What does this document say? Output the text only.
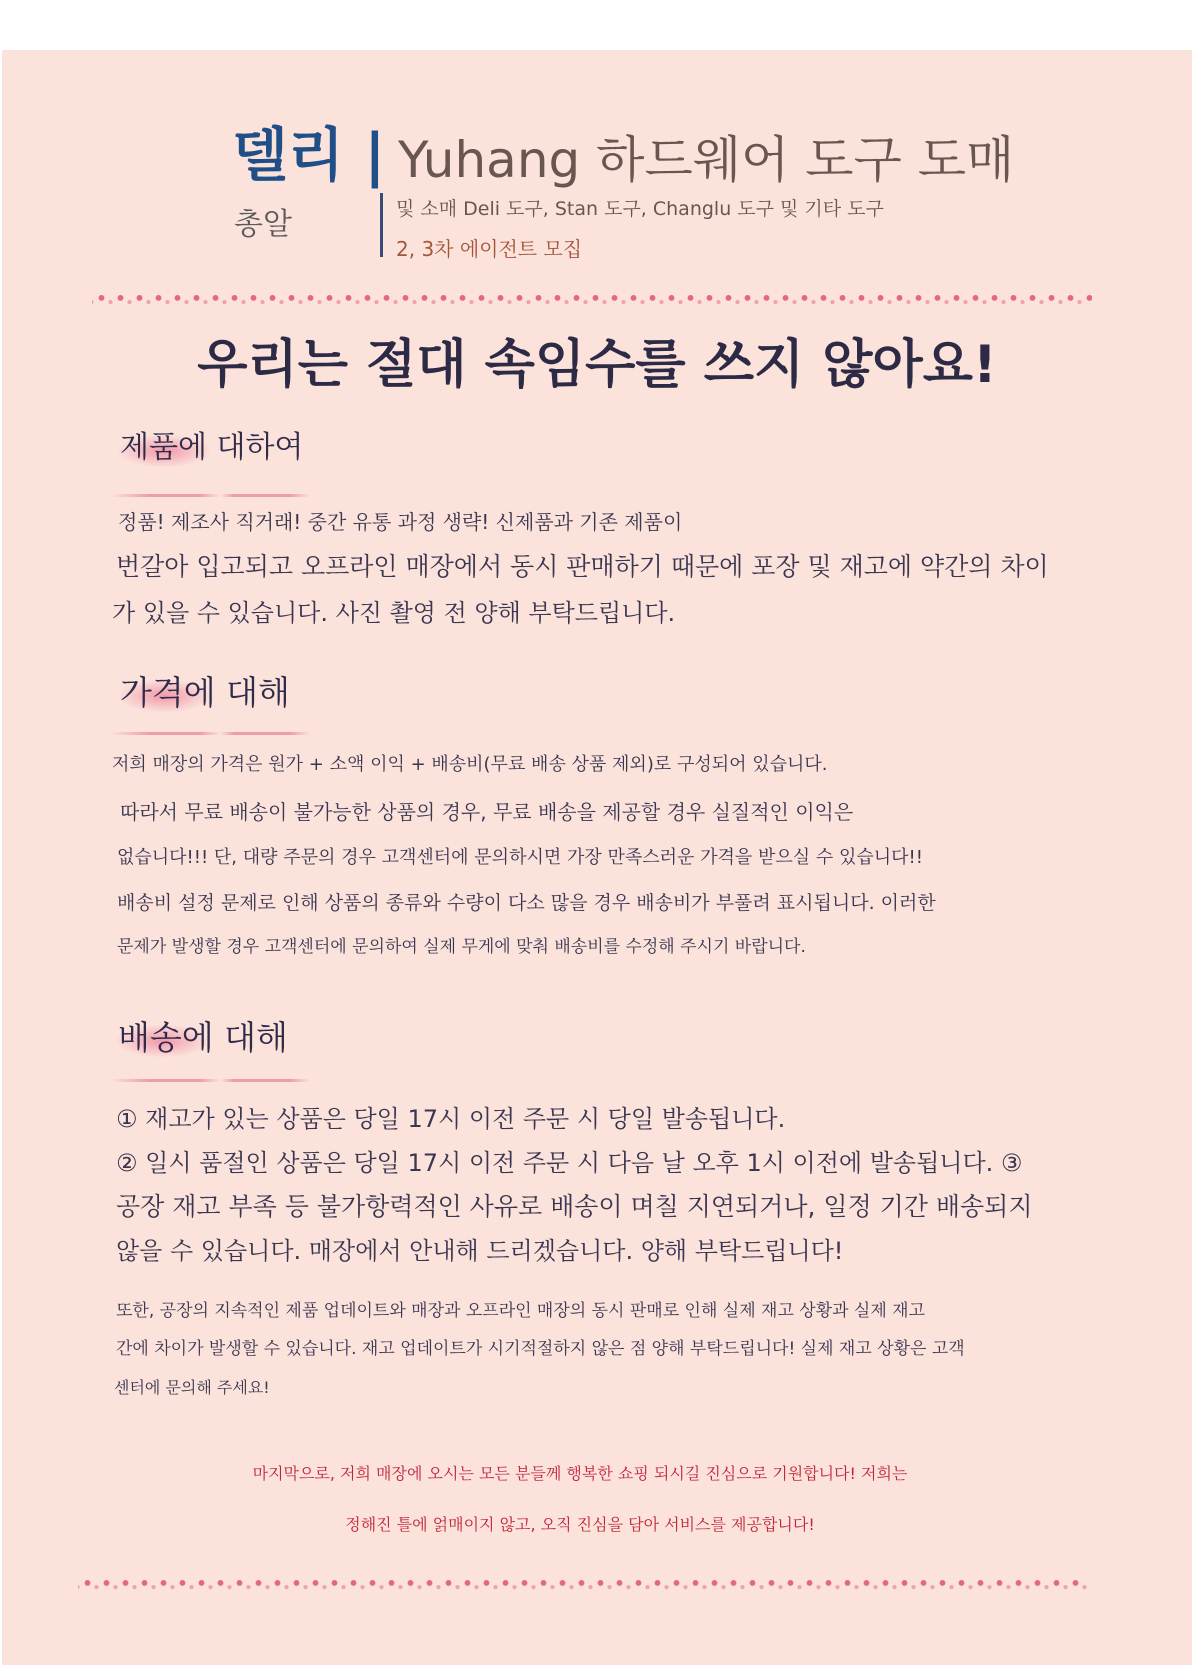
델리 |
총알
Yuhang 하드웨어 도구 도매
및 소매 Deli 도구, Stan 도구, Changlu 도구 및 기타 도구
2, 3차 에이전트 모집
우리는 절대 속임수를 쓰지 않아요!
제품에 대하여

정품! 제조사 직거래! 중간 유통 과정 생략! 신제품과 기존 제품이

번갈아 입고되고 오프라인 매장에서 동시 판매하기 때문에 포장 및 재고에 약간의 차이

가 있을 수 있습니다. 사진 촬영 전 양해 부탁드립니다.

가격에 대해

저희 매장의 가격은 원가 + 소액 이익 + 배송비(무료 배송 상품 제외)로 구성되어 있습니다.

따라서 무료 배송이 불가능한 상품의 경우, 무료 배송을 제공할 경우 실질적인 이익은

없습니다!!! 단, 대량 주문의 경우 고객센터에 문의하시면 가장 만족스러운 가격을 받으실 수 있습니다!!

배송비 설정 문제로 인해 상품의 종류와 수량이 다소 많을 경우 배송비가 부풀려 표시됩니다. 이러한

문제가 발생할 경우 고객센터에 문의하여 실제 무게에 맞춰 배송비를 수정해 주시기 바랍니다.

배송에 대해

① 재고가 있는 상품은 당일 17시 이전 주문 시 당일 발송됩니다.

② 일시 품절인 상품은 당일 17시 이전 주문 시 다음 날 오후 1시 이전에 발송됩니다. ③

공장 재고 부족 등 불가항력적인 사유로 배송이 며칠 지연되거나, 일정 기간 배송되지

않을 수 있습니다. 매장에서 안내해 드리겠습니다. 양해 부탁드립니다!

또한, 공장의 지속적인 제품 업데이트와 매장과 오프라인 매장의 동시 판매로 인해 실제 재고 상황과 실제 재고

간에 차이가 발생할 수 있습니다. 재고 업데이트가 시기적절하지 않은 점 양해 부탁드립니다! 실제 재고 상황은 고객

센터에 문의해 주세요!

마지막으로, 저희 매장에 오시는 모든 분들께 행복한 쇼핑 되시길 진심으로 기원합니다! 저희는

정해진 틀에 얽매이지 않고, 오직 진심을 담아 서비스를 제공합니다!
